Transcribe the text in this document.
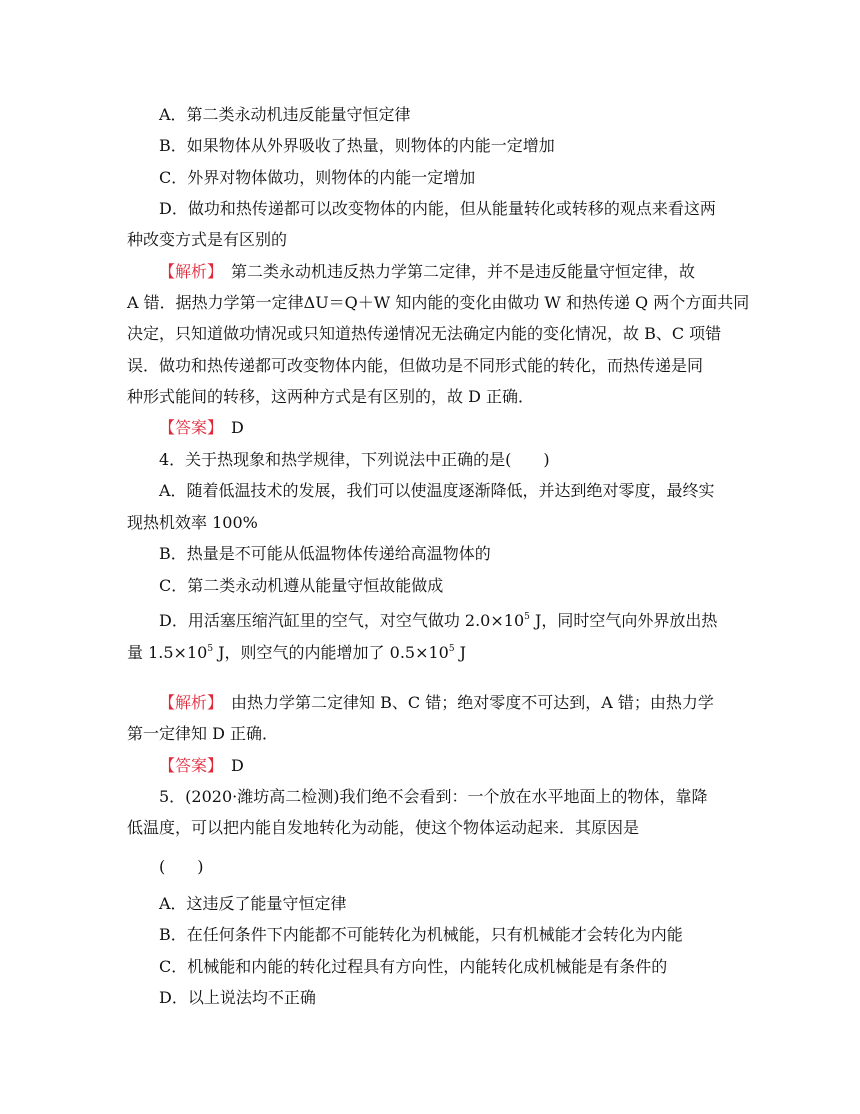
A．第二类永动机违反能量守恒定律
B．如果物体从外界吸收了热量，则物体的内能一定增加
C．外界对物体做功，则物体的内能一定增加
D．做功和热传递都可以改变物体的内能，但从能量转化或转移的观点来看这两
种改变方式是有区别的
【解析】　第二类永动机违反热力学第二定律，并不是违反能量守恒定律，故
A 错．据热力学第一定律ΔU＝Q＋W 知内能的变化由做功 W 和热传递 Q 两个方面共同
决定，只知道做功情况或只知道热传递情况无法确定内能的变化情况，故 B、C 项错
误．做功和热传递都可改变物体内能，但做功是不同形式能的转化，而热传递是同
种形式能间的转移，这两种方式是有区别的，故 D 正确．
【答案】　D
4．关于热现象和热学规律，下列说法中正确的是(　　)
A．随着低温技术的发展，我们可以使温度逐渐降低，并达到绝对零度，最终实
现热机效率 100%
B．热量是不可能从低温物体传递给高温物体的
C．第二类永动机遵从能量守恒故能做成
D．用活塞压缩汽缸里的空气，对空气做功 $2.0\times 10^5$ J，同时空气向外界放出热
量 $1.5\times 10^5$ J，则空气的内能增加了 $0.5\times 10^5$ J
【解析】　由热力学第二定律知 B、C 错；绝对零度不可达到，A 错；由热力学
第一定律知 D 正确．
【答案】　D
5．(2020·潍坊高二检测)我们绝不会看到：一个放在水平地面上的物体，靠降
低温度，可以把内能自发地转化为动能，使这个物体运动起来．其原因是
(　　)
A．这违反了能量守恒定律
B．在任何条件下内能都不可能转化为机械能，只有机械能才会转化为内能
C．机械能和内能的转化过程具有方向性，内能转化成机械能是有条件的
D．以上说法均不正确
